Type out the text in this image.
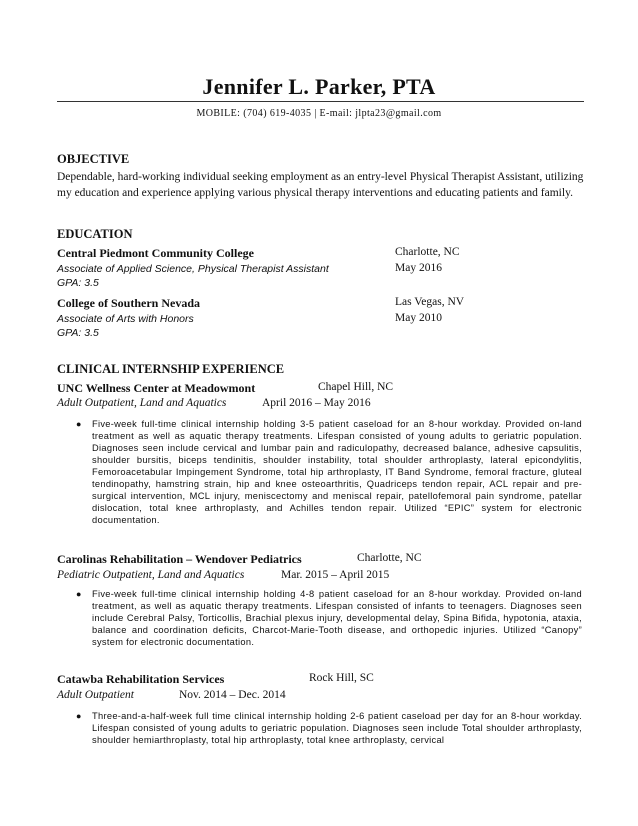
Jennifer L. Parker, PTA
MOBILE: (704) 619-4035 | E-mail: jlpta23@gmail.com
OBJECTIVE
Dependable, hard-working individual seeking employment as an entry-level Physical Therapist Assistant, utilizing my education and experience applying various physical therapy interventions and educating patients and family.
EDUCATION
Central Piedmont Community College	Charlotte, NC
Associate of Applied Science, Physical Therapist Assistant	May 2016
GPA: 3.5
College of Southern Nevada	Las Vegas, NV
Associate of Arts with Honors	May 2010
GPA: 3.5
CLINICAL INTERNSHIP EXPERIENCE
UNC Wellness Center at Meadowmont	Chapel Hill, NC
Adult Outpatient, Land and Aquatics	April 2016 – May 2016
● Five-week full-time clinical internship holding 3-5 patient caseload for an 8-hour workday. Provided on-land treatment as well as aquatic therapy treatments. Lifespan consisted of young adults to geriatric population. Diagnoses seen include cervical and lumbar pain and radiculopathy, decreased balance, adhesive capsulitis, shoulder bursitis, biceps tendinitis, shoulder instability, total shoulder arthroplasty, lateral epicondylitis, Femoroacetabular Impingement Syndrome, total hip arthroplasty, IT Band Syndrome, femoral fracture, gluteal tendinopathy, hamstring strain, hip and knee osteoarthritis, Quadriceps tendon repair, ACL repair and pre-surgical intervention, MCL injury, meniscectomy and meniscal repair, patellofemoral pain syndrome, patellar dislocation, total knee arthroplasty, and Achilles tendon repair. Utilized “EPIC” system for electronic documentation.
Carolinas Rehabilitation – Wendover Pediatrics	Charlotte, NC
Pediatric Outpatient, Land and Aquatics	Mar. 2015 – April 2015
● Five-week full-time clinical internship holding 4-8 patient caseload for an 8-hour workday. Provided on-land treatment, as well as aquatic therapy treatments. Lifespan consisted of infants to teenagers. Diagnoses seen include Cerebral Palsy, Torticollis, Brachial plexus injury, developmental delay, Spina Bifida, hypotonia, ataxia, balance and coordination deficits, Charcot-Marie-Tooth disease, and orthopedic injuries. Utilized “Canopy” system for electronic documentation.
Catawba Rehabilitation Services	Rock Hill, SC
Adult Outpatient	Nov. 2014 – Dec. 2014
● Three-and-a-half-week full time clinical internship holding 2-6 patient caseload per day for an 8-hour workday. Lifespan consisted of young adults to geriatric population. Diagnoses seen include Total shoulder arthroplasty, shoulder hemiarthroplasty, total hip arthroplasty, total knee arthroplasty, cervical
